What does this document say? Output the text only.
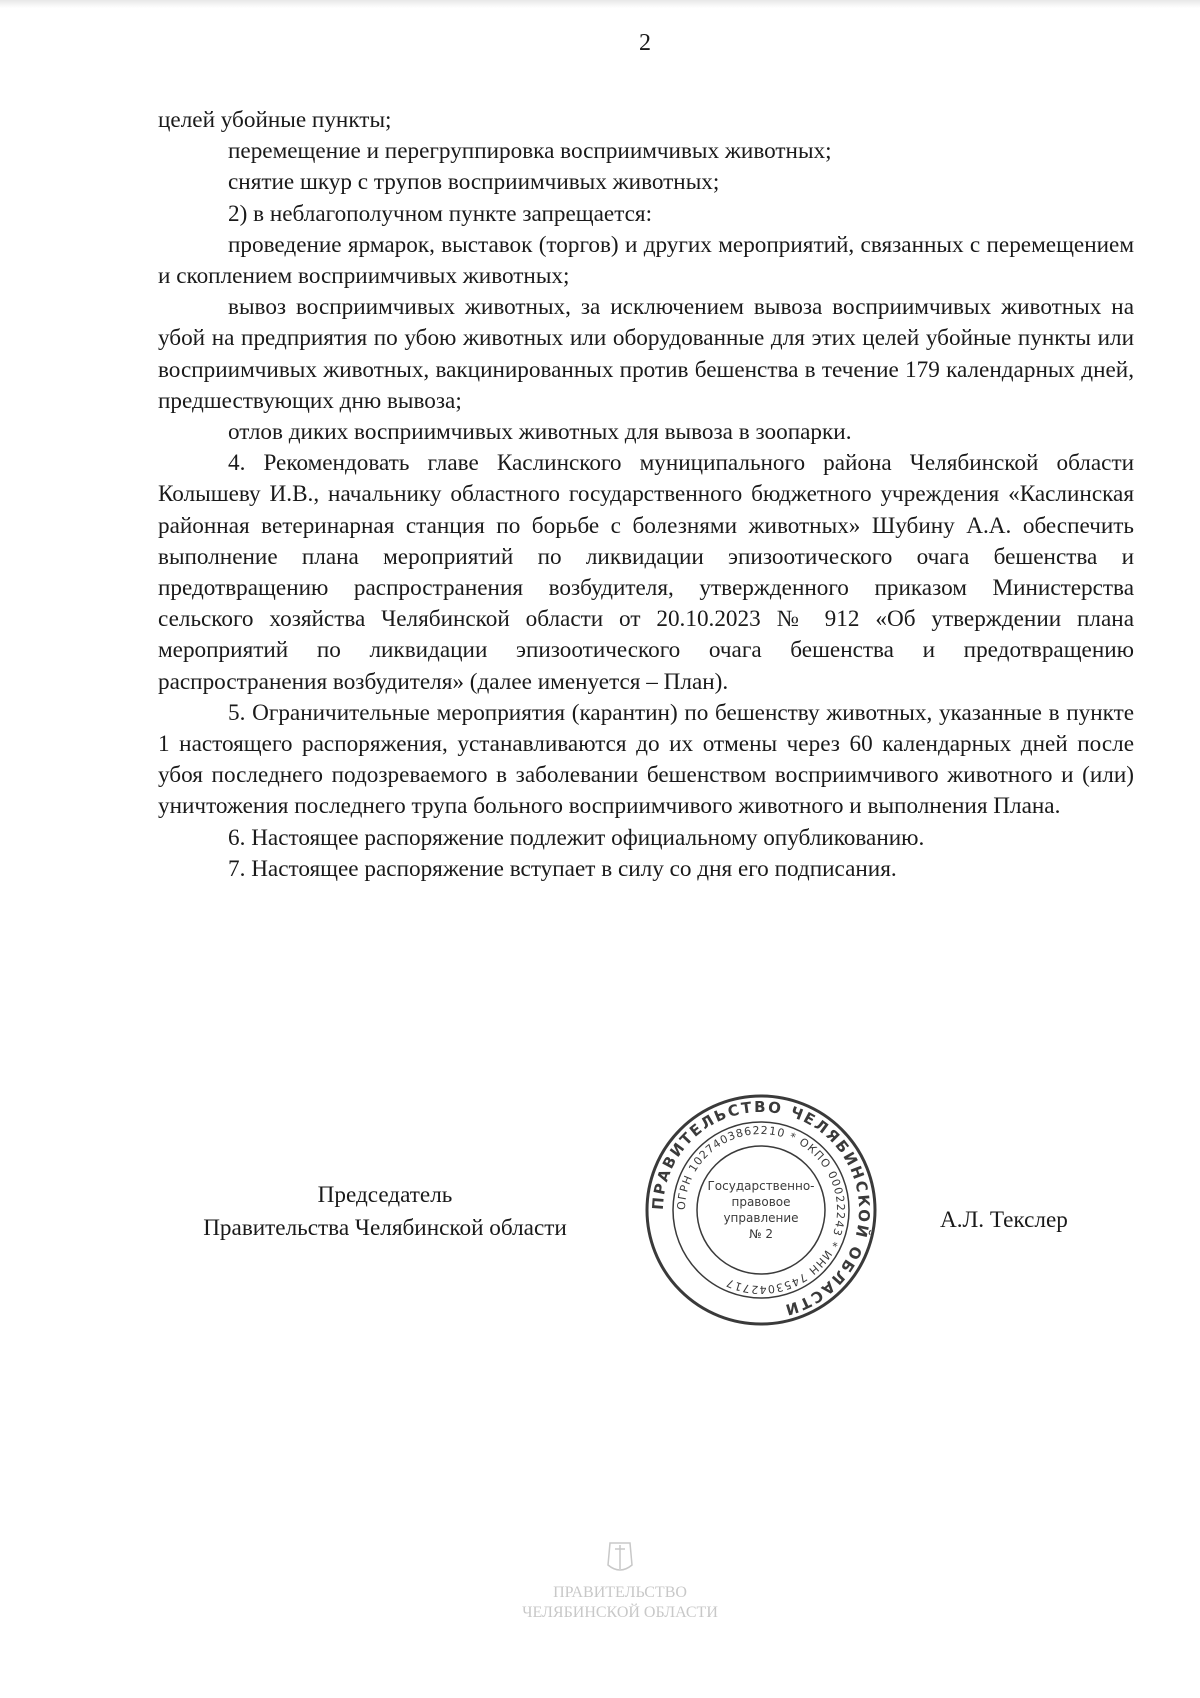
2

целей убойные пункты;

перемещение и перегруппировка восприимчивых животных;

снятие шкур с трупов восприимчивых животных;

2) в неблагополучном пункте запрещается:

проведение ярмарок, выставок (торгов) и других мероприятий, связанных с перемещением и скоплением восприимчивых животных;

вывоз восприимчивых животных, за исключением вывоза восприимчивых животных на убой на предприятия по убою животных или оборудованные для этих целей убойные пункты или восприимчивых животных, вакцинированных против бешенства в течение 179 календарных дней, предшествующих дню вывоза;

отлов диких восприимчивых животных для вывоза в зоопарки.

4. Рекомендовать главе Каслинского муниципального района Челябинской области Колышеву И.В., начальнику областного государственного бюджетного учреждения «Каслинская районная ветеринарная станция по борьбе с болезнями животных» Шубину А.А. обеспечить выполнение плана мероприятий по ликвидации эпизоотического очага бешенства и предотвращению распространения возбудителя, утвержденного приказом Министерства сельского хозяйства Челябинской области от 20.10.2023 № 912 «Об утверждении плана мероприятий по ликвидации эпизоотического очага бешенства и предотвращению распространения возбудителя» (далее именуется – План).

5. Ограничительные мероприятия (карантин) по бешенству животных, указанные в пункте 1 настоящего распоряжения, устанавливаются до их отмены через 60 календарных дней после убоя последнего подозреваемого в заболевании бешенством восприимчивого животного и (или) уничтожения последнего трупа больного восприимчивого животного и выполнения Плана.

6. Настоящее распоряжение подлежит официальному опубликованию.

7. Настоящее распоряжение вступает в силу со дня его подписания.

Председатель
Правительства Челябинской области	А.Л. Текслер
ПРАВИТЕЛЬСТВО ЧЕЛЯБИНСКОЙ ОБЛАСТИ
ОГРН 1027403862210 * ОКПО 00022243 * ИНН 7453042717
Государственно-
правовое
управление
№ 2
ПРАВИТЕЛЬСТВО
ЧЕЛЯБИНСКОЙ ОБЛАСТИ
